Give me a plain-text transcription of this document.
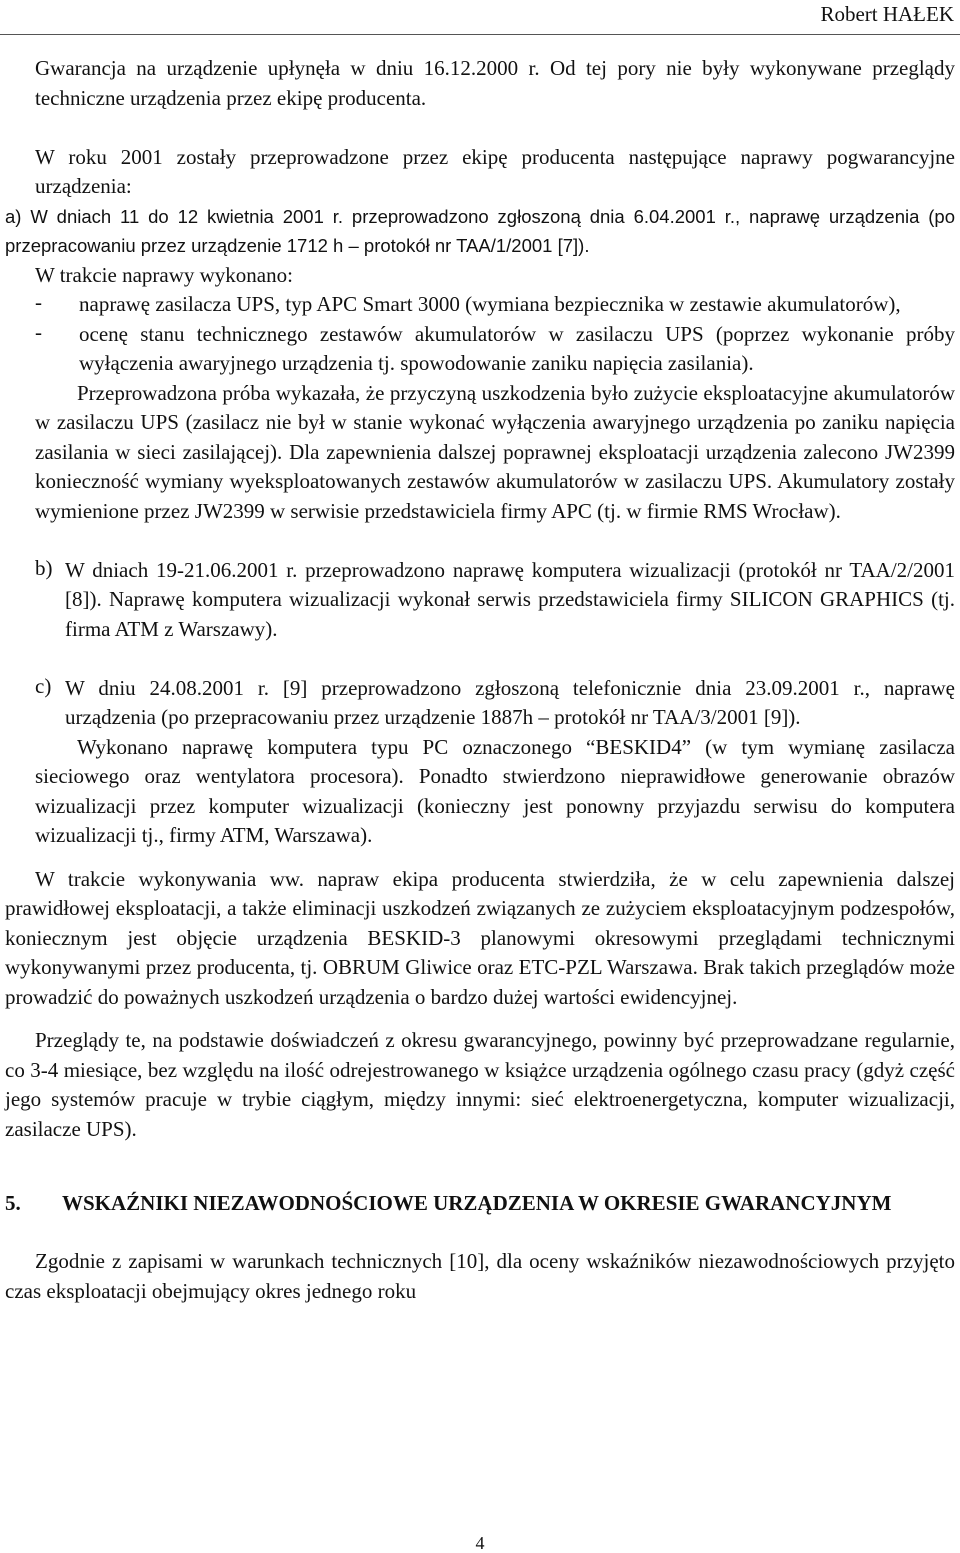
Robert HAŁEK

Gwarancja na urządzenie upłynęła w dniu 16.12.2000 r. Od tej pory nie były wykonywane przeglądy techniczne urządzenia przez ekipę producenta.

W roku 2001 zostały przeprowadzone przez ekipę producenta następujące naprawy pogwarancyjne urządzenia:

a) W dniach 11 do 12 kwietnia 2001 r. przeprowadzono zgłoszoną dnia 6.04.2001 r., naprawę urządzenia (po przepracowaniu przez urządzenie 1712 h – protokół nr TAA/1/2001 [7]).

W trakcie naprawy wykonano:

-	naprawę zasilacza UPS, typ APC Smart 3000 (wymiana bezpiecznika w zestawie akumulatorów),
-	ocenę stanu technicznego zestawów akumulatorów w zasilaczu UPS (poprzez wykonanie próby wyłączenia awaryjnego urządzenia tj. spowodowanie zaniku napięcia zasilania).

Przeprowadzona próba wykazała, że przyczyną uszkodzenia było zużycie eksploatacyjne akumulatorów w zasilaczu UPS (zasilacz nie był w stanie wykonać wyłączenia awaryjnego urządzenia po zaniku napięcia zasilania w sieci zasilającej). Dla zapewnienia dalszej poprawnej eksploatacji urządzenia zalecono JW2399 konieczność wymiany wyeksploatowanych zestawów akumulatorów w zasilaczu UPS. Akumulatory zostały wymienione przez JW2399 w serwisie przedstawiciela firmy APC (tj. w firmie RMS Wrocław).

b) W dniach 19-21.06.2001 r. przeprowadzono naprawę komputera wizualizacji (protokół nr TAA/2/2001 [8]). Naprawę komputera wizualizacji wykonał serwis przedstawiciela firmy SILICON GRAPHICS (tj. firma ATM z Warszawy).
c) W dniu 24.08.2001 r. [9] przeprowadzono zgłoszoną telefonicznie dnia 23.09.2001 r., naprawę urządzenia (po przepracowaniu przez urządzenie 1887h – protokół nr TAA/3/2001 [9]).

Wykonano naprawę komputera typu PC oznaczonego “BESKID4” (w tym wymianę zasilacza sieciowego oraz wentylatora procesora). Ponadto stwierdzono nieprawidłowe generowanie obrazów wizualizacji przez komputer wizualizacji (konieczny jest ponowny przyjazdu serwisu do komputera wizualizacji tj., firmy ATM, Warszawa).

W trakcie wykonywania ww. napraw ekipa producenta stwierdziła, że w celu zapewnienia dalszej prawidłowej eksploatacji, a także eliminacji uszkodzeń związanych ze zużyciem eksploatacyjnym podzespołów, koniecznym jest objęcie urządzenia BESKID-3 planowymi okresowymi przeglądami technicznymi wykonywanymi przez producenta, tj. OBRUM Gliwice oraz ETC-PZL Warszawa. Brak takich przeglądów może prowadzić do poważnych uszkodzeń urządzenia o bardzo dużej wartości ewidencyjnej.

Przeglądy te, na podstawie doświadczeń z okresu gwarancyjnego, powinny być przeprowadzane regularnie, co 3-4 miesiące, bez względu na ilość odrejestrowanego w książce urządzenia ogólnego czasu pracy (gdyż część jego systemów pracuje w trybie ciągłym, między innymi: sieć elektroenergetyczna, komputer wizualizacji, zasilacze UPS).

5.	WSKAŹNIKI NIEZAWODNOŚCIOWE URZĄDZENIA W OKRESIE GWARANCYJNYM

Zgodnie z zapisami w warunkach technicznych [10], dla oceny wskaźników niezawodnościowych przyjęto czas eksploatacji obejmujący okres jednego roku

4
